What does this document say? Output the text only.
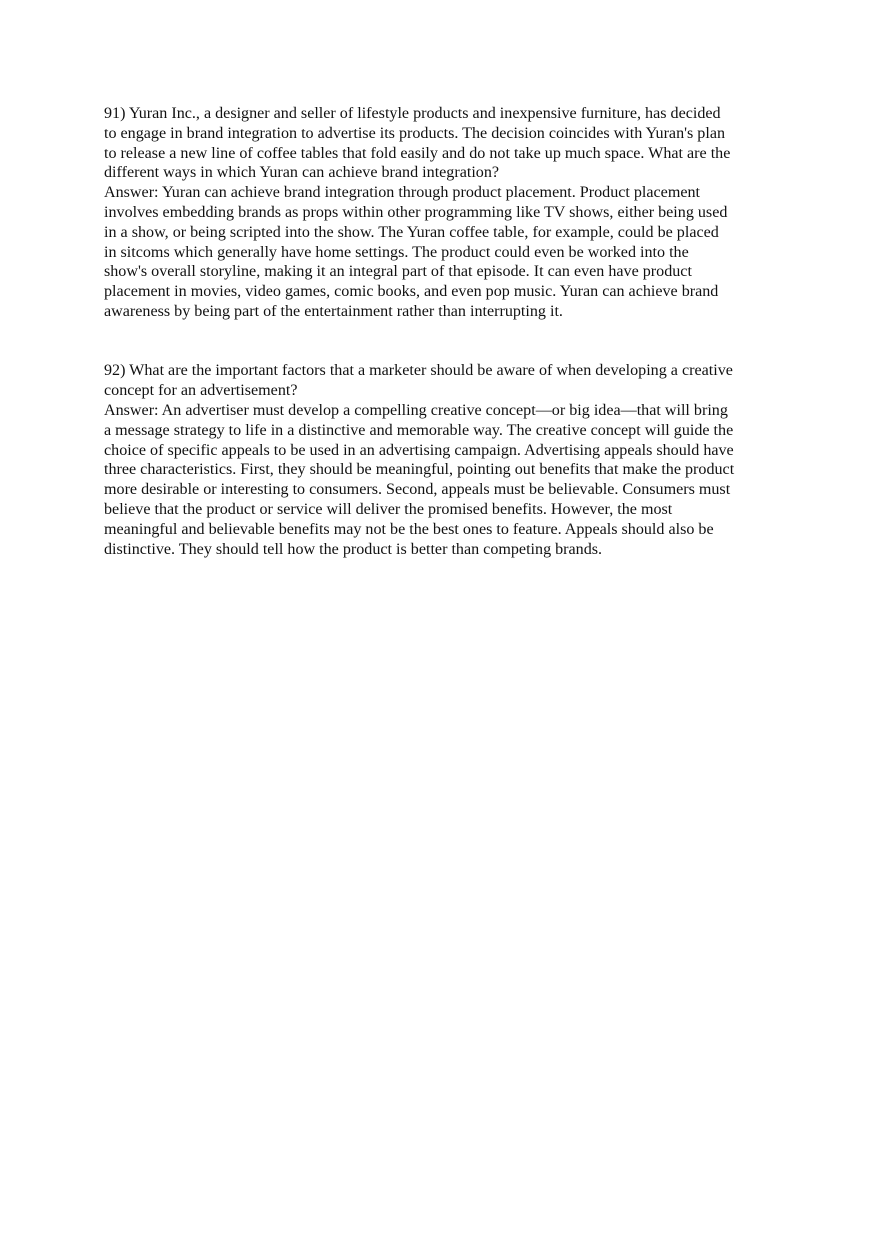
91) Yuran Inc., a designer and seller of lifestyle products and inexpensive furniture, has decided
to engage in brand integration to advertise its products. The decision coincides with Yuran's plan
to release a new line of coffee tables that fold easily and do not take up much space. What are the
different ways in which Yuran can achieve brand integration?
Answer: Yuran can achieve brand integration through product placement. Product placement
involves embedding brands as props within other programming like TV shows, either being used
in a show, or being scripted into the show. The Yuran coffee table, for example, could be placed
in sitcoms which generally have home settings. The product could even be worked into the
show's overall storyline, making it an integral part of that episode. It can even have product
placement in movies, video games, comic books, and even pop music. Yuran can achieve brand
awareness by being part of the entertainment rather than interrupting it.
92) What are the important factors that a marketer should be aware of when developing a creative
concept for an advertisement?
Answer: An advertiser must develop a compelling creative concept—or big idea—that will bring
a message strategy to life in a distinctive and memorable way. The creative concept will guide the
choice of specific appeals to be used in an advertising campaign. Advertising appeals should have
three characteristics. First, they should be meaningful, pointing out benefits that make the product
more desirable or interesting to consumers. Second, appeals must be believable. Consumers must
believe that the product or service will deliver the promised benefits. However, the most
meaningful and believable benefits may not be the best ones to feature. Appeals should also be
distinctive. They should tell how the product is better than competing brands.
